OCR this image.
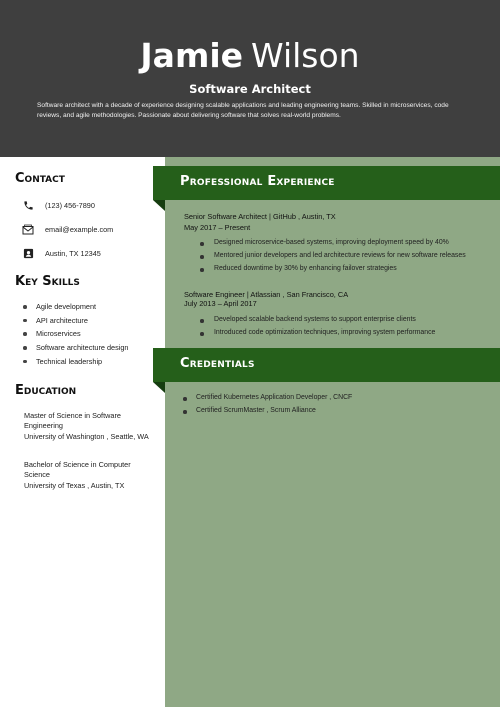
Jamie Wilson
Software Architect
Software architect with a decade of experience designing scalable applications and leading engineering teams. Skilled in microservices, code reviews, and agile methodologies. Passionate about delivering software that solves real-world problems.
Contact
(123) 456-7890
email@example.com
Austin, TX 12345
Key Skills
Agile development
API architecture
Microservices
Software architecture design
Technical leadership
Education
Master of Science in Software Engineering
University of Washington , Seattle, WA
Bachelor of Science in Computer Science
University of Texas , Austin, TX
Professional Experience
Senior Software Architect | GitHub , Austin, TX
May 2017 – Present
Designed microservice-based systems, improving deployment speed by 40%
Mentored junior developers and led architecture reviews for new software releases
Reduced downtime by 30% by enhancing failover strategies
Software Engineer | Atlassian , San Francisco, CA
July 2013 – April 2017
Developed scalable backend systems to support enterprise clients
Introduced code optimization techniques, improving system performance
Credentials
Certified Kubernetes Application Developer , CNCF
Certified ScrumMaster , Scrum Alliance
